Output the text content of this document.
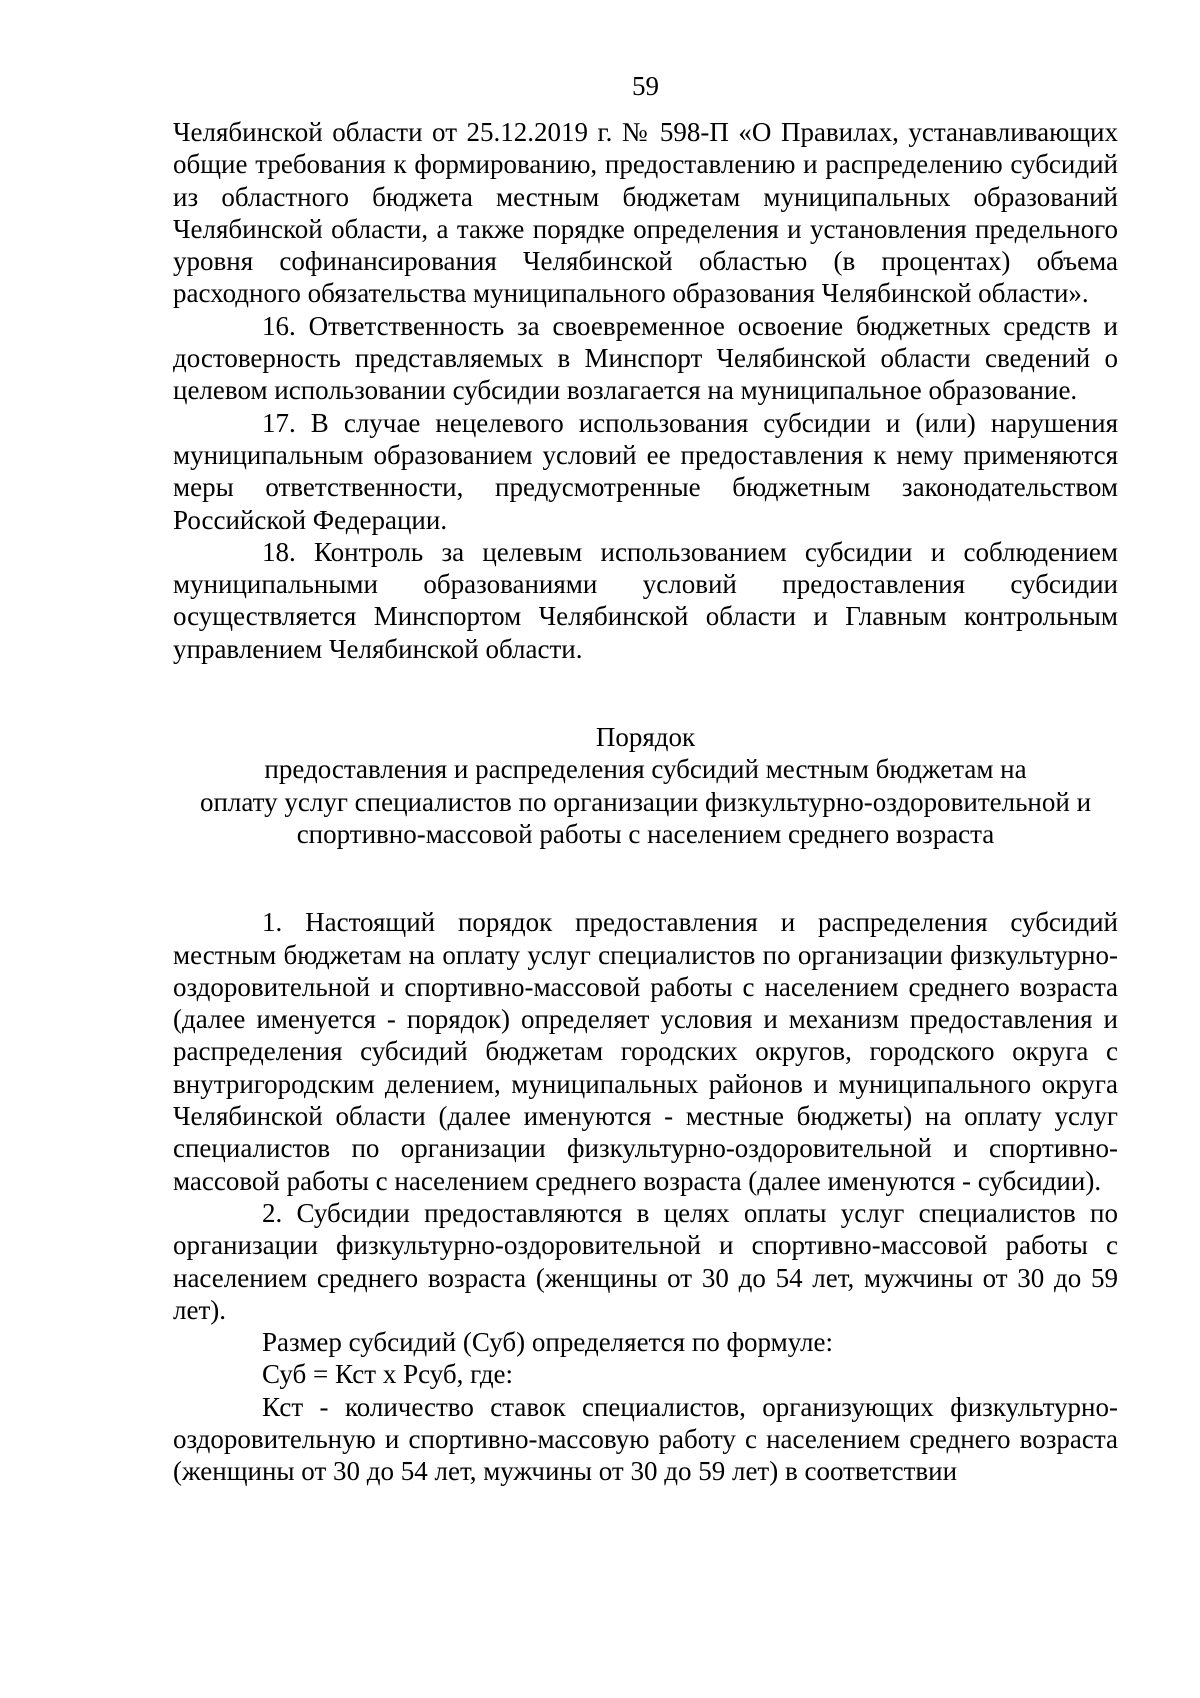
59

Челябинской области от 25.12.2019 г. № 598-П «О Правилах, устанавливающих общие требования к формированию, предоставлению и распределению субсидий из областного бюджета местным бюджетам муниципальных образований Челябинской области, а также порядке определения и установления предельного уровня софинансирования Челябинской областью (в процентах) объема расходного обязательства муниципального образования Челябинской области».

16. Ответственность за своевременное освоение бюджетных средств и достоверность представляемых в Минспорт Челябинской области сведений о целевом использовании субсидии возлагается на муниципальное образование.

17. В случае нецелевого использования субсидии и (или) нарушения муниципальным образованием условий ее предоставления к нему применяются меры ответственности, предусмотренные бюджетным законодательством Российской Федерации.

18. Контроль за целевым использованием субсидии и соблюдением муниципальными образованиями условий предоставления субсидии осуществляется Минспортом Челябинской области и Главным контрольным управлением Челябинской области.

Порядок
предоставления и распределения субсидий местным бюджетам на
оплату услуг специалистов по организации физкультурно-оздоровительной и
спортивно-массовой работы с населением среднего возраста

1. Настоящий порядок предоставления и распределения субсидий местным бюджетам на оплату услуг специалистов по организации физкультурно-оздоровительной и спортивно-массовой работы с населением среднего возраста (далее именуется - порядок) определяет условия и механизм предоставления и распределения субсидий бюджетам городских округов, городского округа с внутригородским делением, муниципальных районов и муниципального округа Челябинской области (далее именуются - местные бюджеты) на оплату услуг специалистов по организации физкультурно-оздоровительной и спортивно-массовой работы с населением среднего возраста (далее именуются - субсидии).

2. Субсидии предоставляются в целях оплаты услуг специалистов по организации физкультурно-оздоровительной и спортивно-массовой работы с населением среднего возраста (женщины от 30 до 54 лет, мужчины от 30 до 59 лет).

Размер субсидий (Суб) определяется по формуле:

Суб = Кст х Рсуб, где:

Кст - количество ставок специалистов, организующих физкультурно-оздоровительную и спортивно-массовую работу с населением среднего возраста (женщины от 30 до 54 лет, мужчины от 30 до 59 лет) в соответствии
